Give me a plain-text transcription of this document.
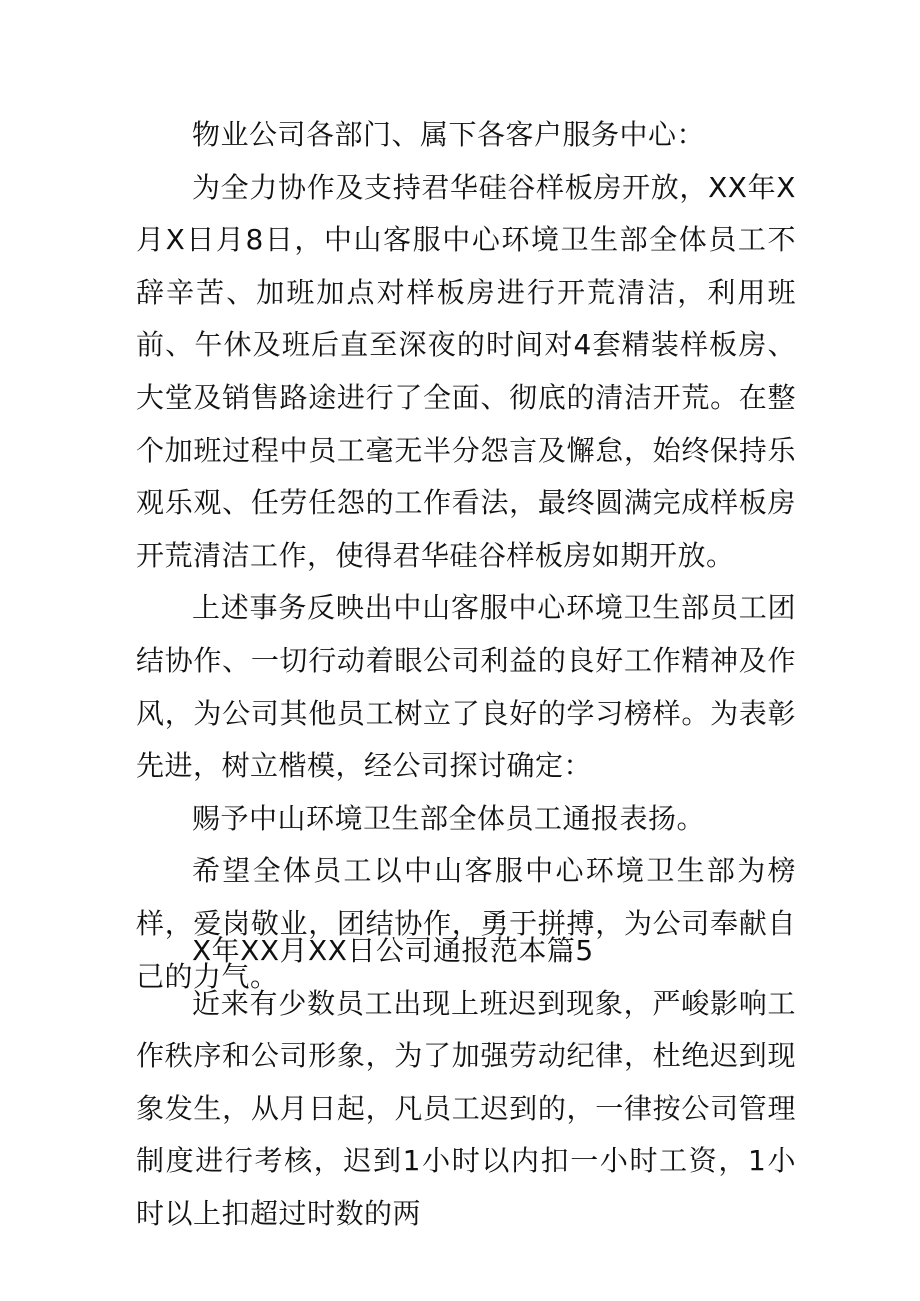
物业公司各部门、属下各客户服务中心：

为全力协作及支持君华硅谷样板房开放，XX年X月X日月8日，中山客服中心环境卫生部全体员工不辞辛苦、加班加点对样板房进行开荒清洁，利用班前、午休及班后直至深夜的时间对4套精装样板房、大堂及销售路途进行了全面、彻底的清洁开荒。在整个加班过程中员工毫无半分怨言及懈怠，始终保持乐观乐观、任劳任怨的工作看法，最终圆满完成样板房开荒清洁工作，使得君华硅谷样板房如期开放。

上述事务反映出中山客服中心环境卫生部员工团结协作、一切行动着眼公司利益的良好工作精神及作风，为公司其他员工树立了良好的学习榜样。为表彰先进，树立楷模，经公司探讨确定：

赐予中山环境卫生部全体员工通报表扬。

希望全体员工以中山客服中心环境卫生部为榜样，爱岗敬业，团结协作，勇于拼搏，为公司奉献自己的力气。

X年XX月XX日公司通报范本篇5

近来有少数员工出现上班迟到现象，严峻影响工作秩序和公司形象，为了加强劳动纪律，杜绝迟到现象发生，从月日起，凡员工迟到的，一律按公司管理制度进行考核，迟到1小时以内扣一小时工资，1小时以上扣超过时数的两
